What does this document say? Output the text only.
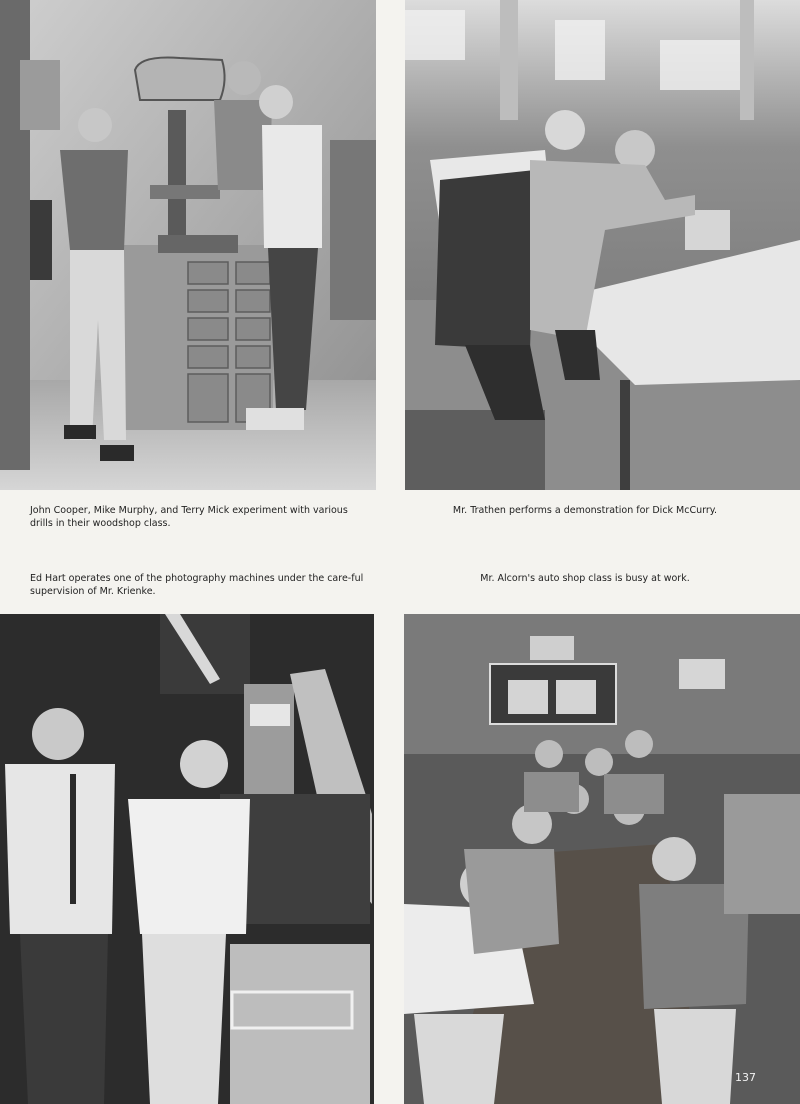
John Cooper, Mike Murphy, and Terry Mick experiment with various drills in their woodshop class.
Mr. Trathen performs a demonstration for Dick McCurry.
Ed Hart operates one of the photography machines under the care-ful supervision of Mr. Krienke.
Mr. Alcorn's auto shop class is busy at work.
137
